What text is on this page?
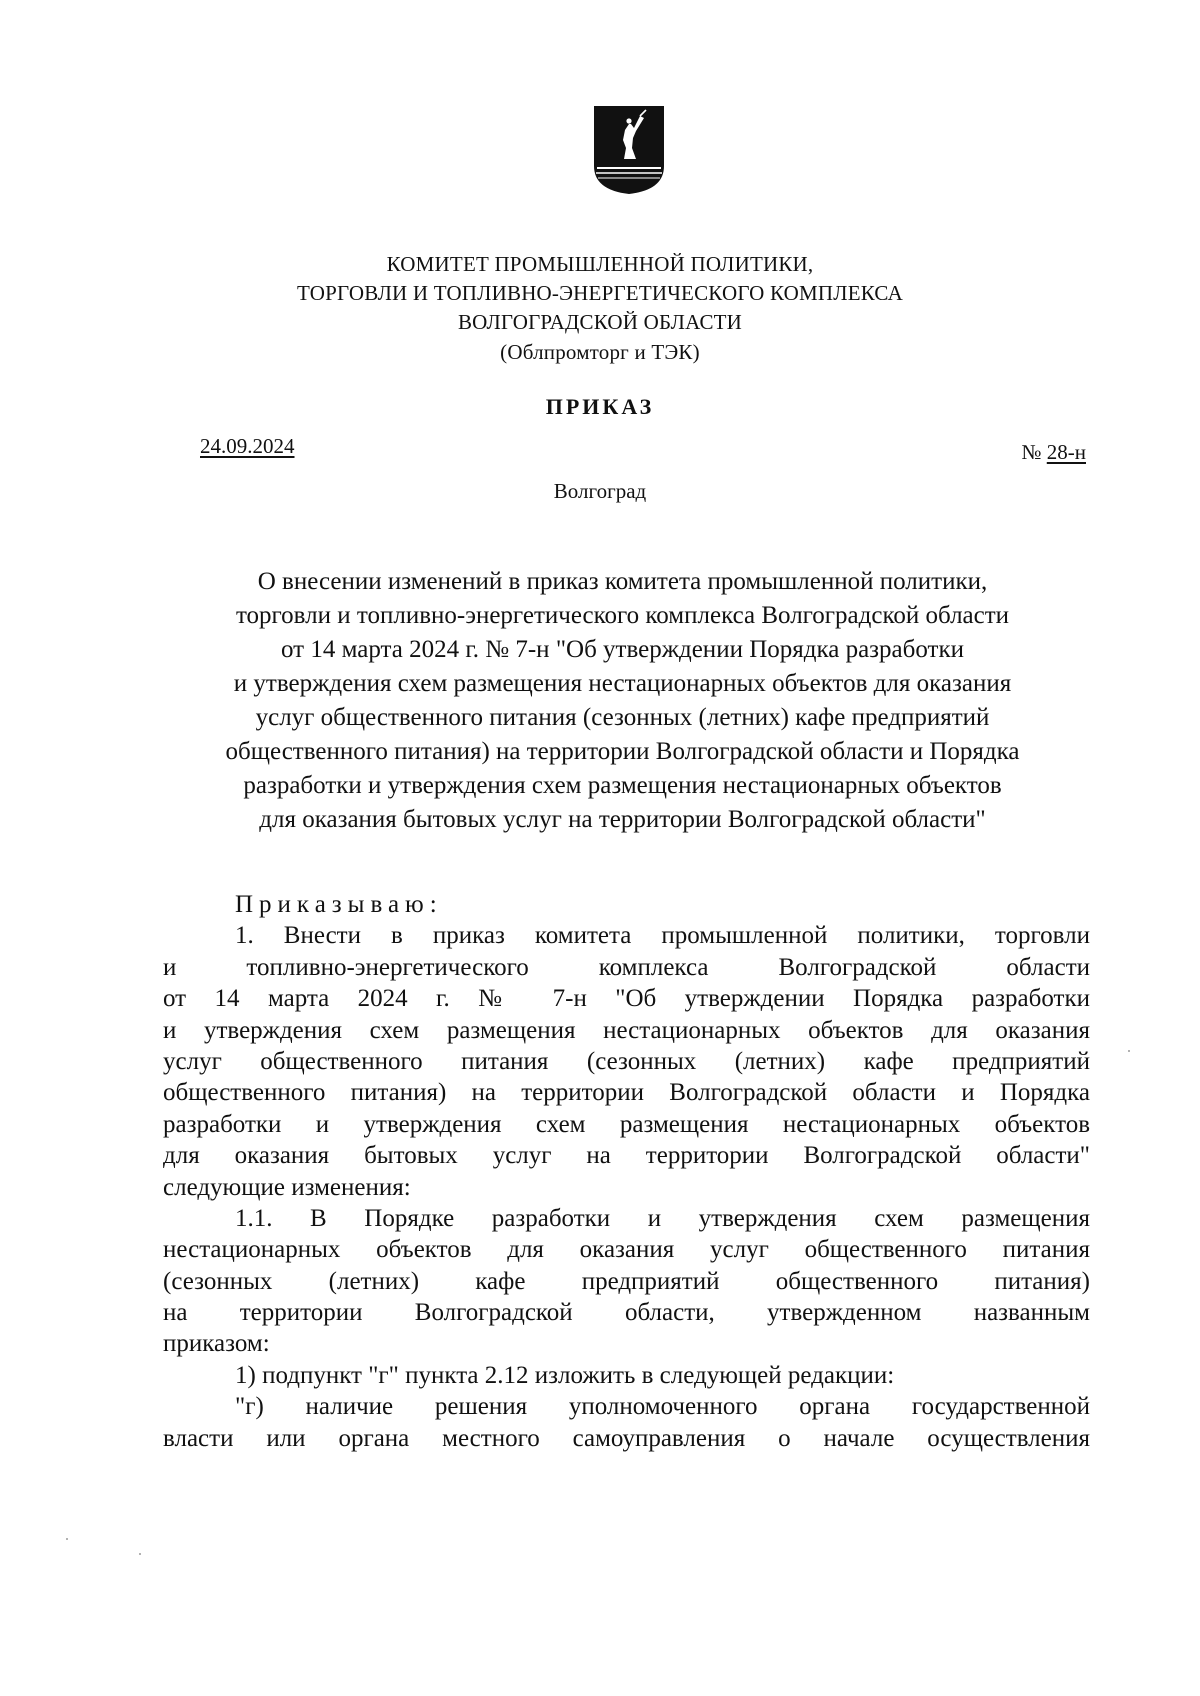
КОМИТЕТ ПРОМЫШЛЕННОЙ ПОЛИТИКИ,
ТОРГОВЛИ И ТОПЛИВНО-ЭНЕРГЕТИЧЕСКОГО КОМПЛЕКСА
ВОЛГОГРАДСКОЙ ОБЛАСТИ
(Облпромторг и ТЭК)
ПРИКАЗ
24.09.2024	№ 28-н
Волгоград
О внесении изменений в приказ комитета промышленной политики,
торговли и топливно-энергетического комплекса Волгоградской области
от 14 марта 2024 г. № 7-н "Об утверждении Порядка разработки
и утверждения схем размещения нестационарных объектов для оказания
услуг общественного питания (сезонных (летних) кафе предприятий
общественного питания) на территории Волгоградской области и Порядка
разработки и утверждения схем размещения нестационарных объектов
для оказания бытовых услуг на территории Волгоградской области"
Приказываю:
1. Внести в приказ комитета промышленной политики, торговли
и топливно-энергетического комплекса Волгоградской области
от 14 марта 2024 г. № 7-н "Об утверждении Порядка разработки
и утверждения схем размещения нестационарных объектов для оказания
услуг общественного питания (сезонных (летних) кафе предприятий
общественного питания) на территории Волгоградской области и Порядка
разработки и утверждения схем размещения нестационарных объектов
для оказания бытовых услуг на территории Волгоградской области"
следующие изменения:
1.1. В Порядке разработки и утверждения схем размещения
нестационарных объектов для оказания услуг общественного питания
(сезонных (летних) кафе предприятий общественного питания)
на территории Волгоградской области, утвержденном названным
приказом:
1) подпункт "г" пункта 2.12 изложить в следующей редакции:
"г) наличие решения уполномоченного органа государственной
власти или органа местного самоуправления о начале осуществления
